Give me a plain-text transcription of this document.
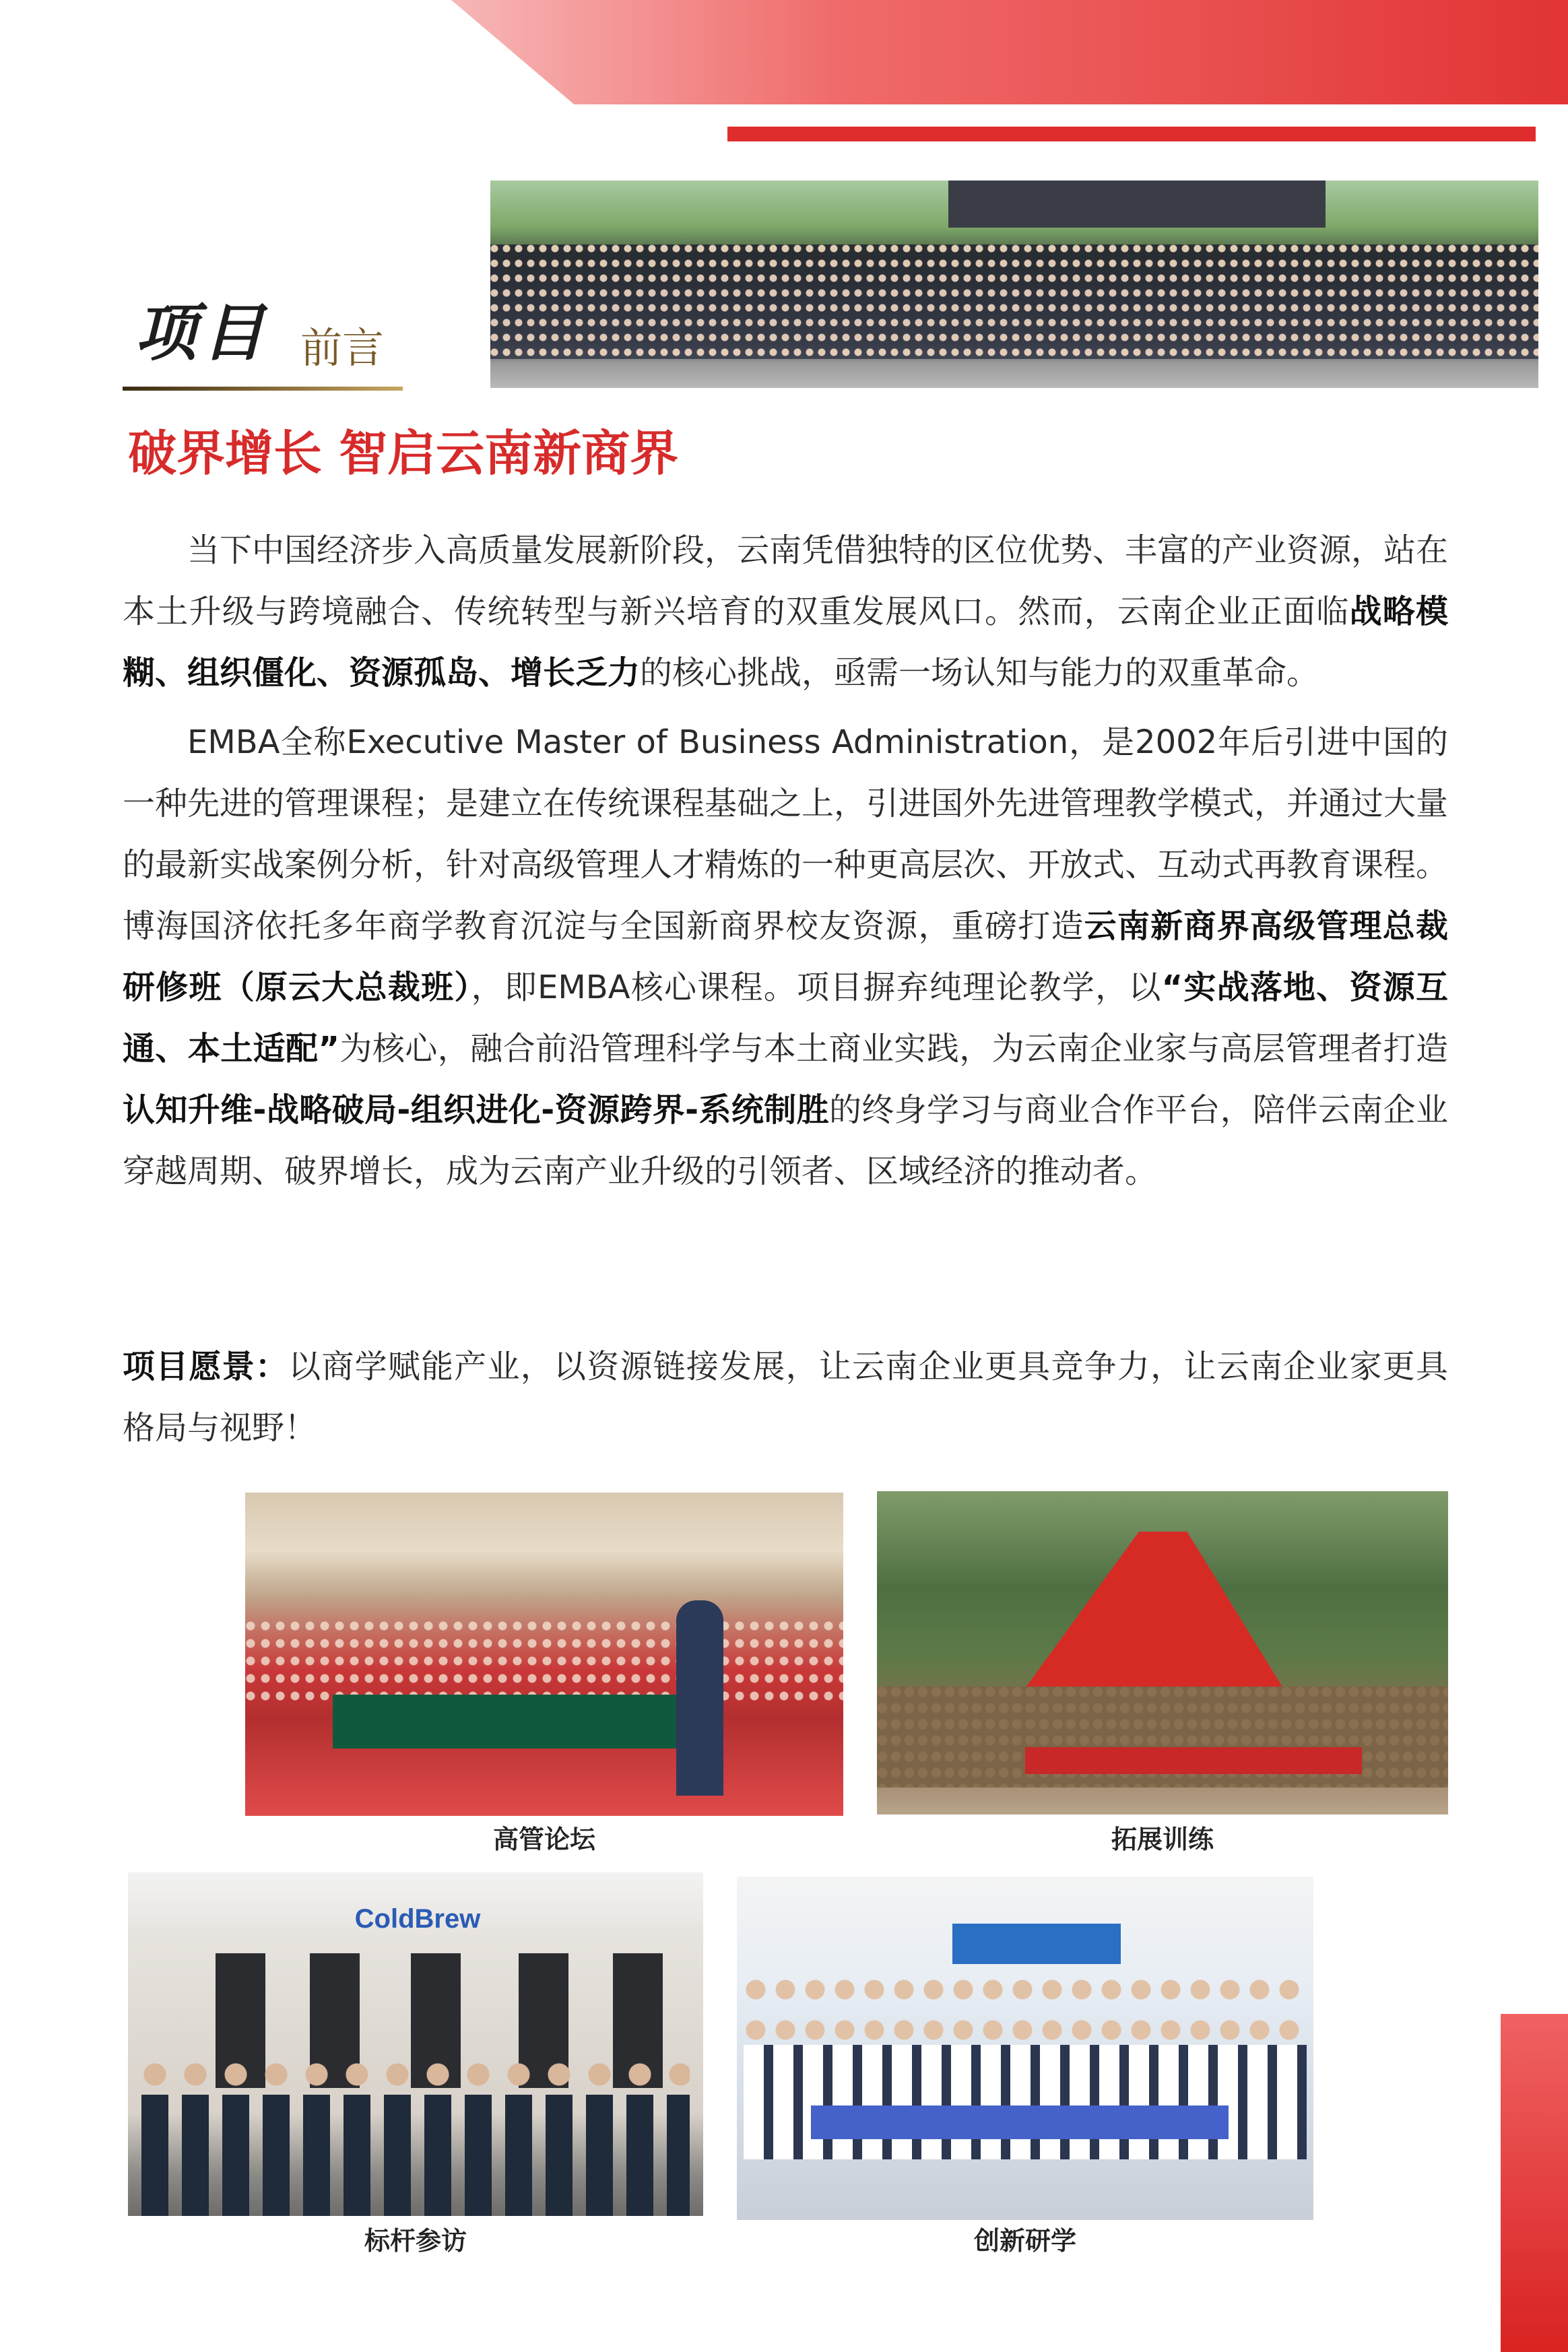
项目 前言
破界增长 智启云南新商界

当下中国经济步入高质量发展新阶段，云南凭借独特的区位优势、丰富的产业资源，站在本土升级与跨境融合、传统转型与新兴培育的双重发展风口。然而，云南企业正面临战略模糊、组织僵化、资源孤岛、增长乏力的核心挑战，亟需一场认知与能力的双重革命。

EMBA全称Executive Master of Business Administration，是2002年后引进中国的一种先进的管理课程；是建立在传统课程基础之上，引进国外先进管理教学模式，并通过大量的最新实战案例分析，针对高级管理人才精炼的一种更高层次、开放式、互动式再教育课程。博海国济依托多年商学教育沉淀与全国新商界校友资源，重磅打造云南新商界高级管理总裁研修班（原云大总裁班），即EMBA核心课程。项目摒弃纯理论教学，以“实战落地、资源互通、本土适配”为核心，融合前沿管理科学与本土商业实践，为云南企业家与高层管理者打造认知升维-战略破局-组织进化-资源跨界-系统制胜的终身学习与商业合作平台，陪伴云南企业穿越周期、破界增长，成为云南产业升级的引领者、区域经济的推动者。

项目愿景：以商学赋能产业，以资源链接发展，让云南企业更具竞争力，让云南企业家更具格局与视野！
高管论坛	拓展训练
ColdBrew
标杆参访	创新研学
